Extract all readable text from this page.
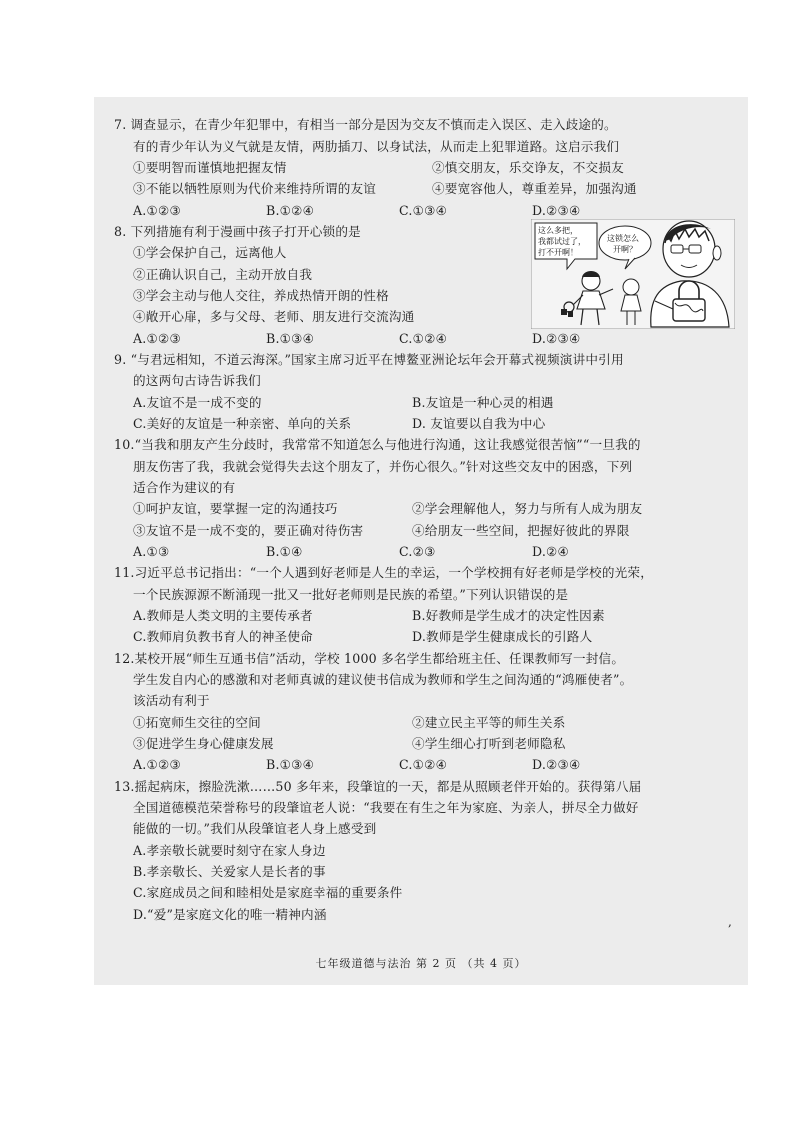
7. 调查显示，在青少年犯罪中，有相当一部分是因为交友不慎而走入误区、走入歧途的。
有的青少年认为义气就是友情，两肋插刀、以身试法，从而走上犯罪道路。这启示我们
①要明智而谨慎地把握友情	②慎交朋友，乐交诤友，不交损友
③不能以牺牲原则为代价来维持所谓的友谊	④要宽容他人，尊重差异，加强沟通
A.①②③	B.①②④	C.①③④	D.②③④
8. 下列措施有利于漫画中孩子打开心锁的是
①学会保护自己，远离他人
②正确认识自己，主动开放自我
③学会主动与他人交往，养成热情开朗的性格
④敞开心扉，多与父母、老师、朋友进行交流沟通
A.①②③	B.①③④	C.①②④	D.②③④
这么多把，
我都试过了，
打不开啊！
这锁怎么
开啊？
9. “与君远相知，不道云海深。”国家主席习近平在博鳌亚洲论坛年会开幕式视频演讲中引用
的这两句古诗告诉我们
A.友谊不是一成不变的	B.友谊是一种心灵的相遇
C.美好的友谊是一种亲密、单向的关系	D. 友谊要以自我为中心
10.“当我和朋友产生分歧时，我常常不知道怎么与他进行沟通，这让我感觉很苦恼”“一旦我的
朋友伤害了我，我就会觉得失去这个朋友了，并伤心很久。”针对这些交友中的困惑，下列
适合作为建议的有
①呵护友谊，要掌握一定的沟通技巧	②学会理解他人，努力与所有人成为朋友
③友谊不是一成不变的，要正确对待伤害	④给朋友一些空间，把握好彼此的界限
A.①③	B.①④	C.②③	D.②④
11.习近平总书记指出：“一个人遇到好老师是人生的幸运，一个学校拥有好老师是学校的光荣，
一个民族源源不断涌现一批又一批好老师则是民族的希望。”下列认识错误的是
A.教师是人类文明的主要传承者	B.好教师是学生成才的决定性因素
C.教师肩负教书育人的神圣使命	D.教师是学生健康成长的引路人
12.某校开展“师生互通书信”活动，学校 1000 多名学生都给班主任、任课教师写一封信。
学生发自内心的感激和对老师真诚的建议使书信成为教师和学生之间沟通的“鸿雁使者”。
该活动有利于
①拓宽师生交往的空间	②建立民主平等的师生关系
③促进学生身心健康发展	④学生细心打听到老师隐私
A.①②③	B.①③④	C.①②④	D.②③④
13.摇起病床，擦脸洗漱……50 多年来，段肇谊的一天，都是从照顾老伴开始的。获得第八届
全国道德模范荣誉称号的段肇谊老人说：“我要在有生之年为家庭、为亲人，拼尽全力做好
能做的一切。”我们从段肇谊老人身上感受到
A.孝亲敬长就要时刻守在家人身边
B.孝亲敬长、关爱家人是长者的事
C.家庭成员之间和睦相处是家庭幸福的重要条件
D.“爱”是家庭文化的唯一精神内涵	,
七年级道德与法治 第 2 页 （共 4 页）
